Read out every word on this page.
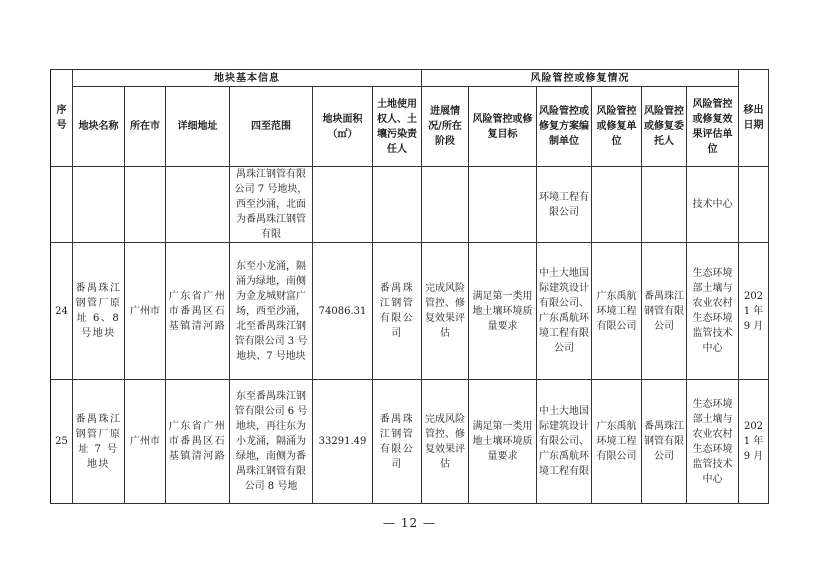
序号	地块基本信息						风险管控或修复情况						移出日期

	地块名称	所在市	详细地址	四至范围	地块面积（㎡）	土地使用权人、土壤污染责任人	进展情况/所在阶段	风险管控或修复目标	风险管控或修复方案编制单位	风险管控或修复单位	风险管控或修复委托人	风险管控或修复效果评估单位	

				禺珠江钢管有限公司 7 号地块，西至沙涌，北面为番禺珠江钢管有限					环境工程有限公司			技术中心	

24	番禺珠江钢管厂原址 6、8 号地块	广州市	广东省广州市番禺区石基镇清河路	东至小龙涌，隔涌为绿地，南侧为金龙城财富广场，西至沙涌，北至番禺珠江钢管有限公司 3 号地块、7 号地块	74086.31	番禺珠江钢管有限公司	完成风险管控、修复效果评估	满足第一类用地土壤环境质量要求	中土大地国际建筑设计有限公司、广东禹航环境工程有限公司	广东禹航环境工程有限公司	番禺珠江钢管有限公司	生态环境部土壤与农业农村生态环境监管技术中心	2021 年 9 月

25	番禺珠江钢管厂原址 7 号地块	广州市	广东省广州市番禺区石基镇清河路	东至番禺珠江钢管有限公司 6 号地块，再往东为小龙涌，隔涌为绿地，南侧为番禺珠江钢管有限公司 8 号地	33291.49	番禺珠江钢管有限公司	完成风险管控、修复效果评估	满足第一类用地土壤环境质量要求	中土大地国际建筑设计有限公司、广东禹航环境工程有限	广东禹航环境工程有限公司	番禺珠江钢管有限公司	生态环境部土壤与农业农村生态环境监管技术中心	2021 年 9 月
— 12 —
